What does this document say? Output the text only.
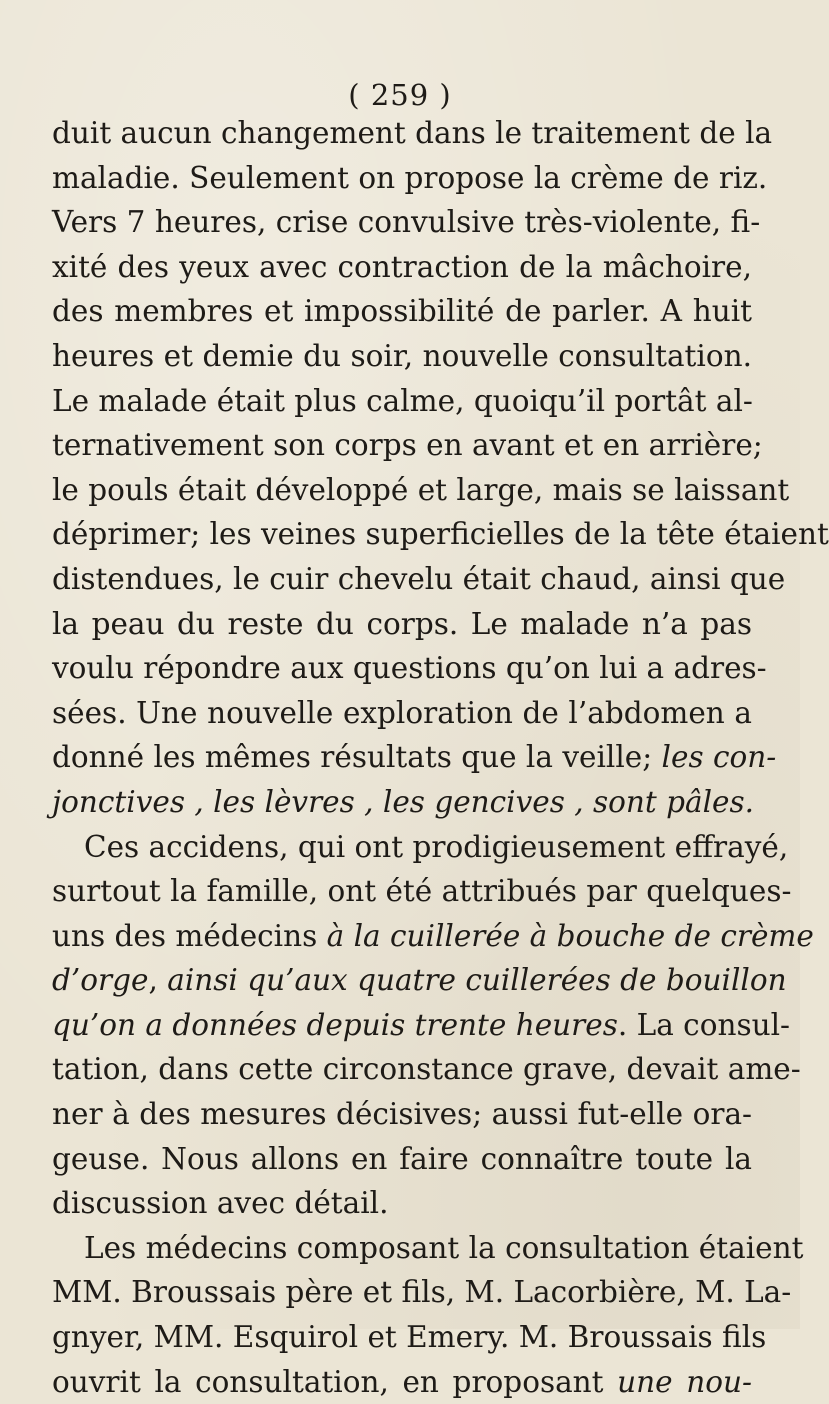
( 259 )
duit aucun changement dans le traitement de la
maladie. Seulement on propose la crème de riz.
Vers 7 heures, crise convulsive très-violente, fi-
xité des yeux avec contraction de la mâchoire,
des membres et impossibilité de parler. A huit
heures et demie du soir, nouvelle consultation.
Le malade était plus calme, quoiqu’il portât al-
ternativement son corps en avant et en arrière;
le pouls était développé et large, mais se laissant
déprimer; les veines superficielles de la tête étaient
distendues, le cuir chevelu était chaud, ainsi que
la peau du reste du corps. Le malade n’a pas
voulu répondre aux questions qu’on lui a adres-
sées. Une nouvelle exploration de l’abdomen a
donné les mêmes résultats que la veille; les con-
jonctives , les lèvres , les gencives , sont pâles.
Ces accidens, qui ont prodigieusement effrayé,
surtout la famille, ont été attribués par quelques-
uns des médecins à la cuillerée à bouche de crème
d’orge, ainsi qu’aux quatre cuillerées de bouillon
qu’on a données depuis trente heures. La consul-
tation, dans cette circonstance grave, devait ame-
ner à des mesures décisives; aussi fut-elle ora-
geuse. Nous allons en faire connaître toute la
discussion avec détail.
Les médecins composant la consultation étaient
MM. Broussais père et fils, M. Lacorbière, M. La-
gnyer, MM. Esquirol et Emery. M. Broussais fils
ouvrit la consultation, en proposant une nou-
